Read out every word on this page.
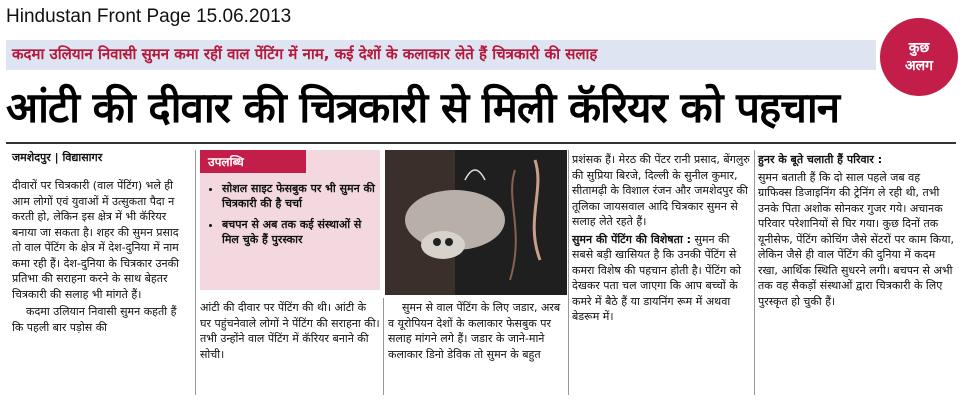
Hindustan Front Page 15.06.2013
कदमा उलियान निवासी सुमन कमा रहीं वाल पेंटिंग में नाम, कई देशों के कलाकार लेते हैं चित्रकारी की सलाह	कुछ
अलग
आंटी की दीवार की चित्रकारी से मिली कॅरियर को पहचान
जमशेदपुर | विद्यासागर

दीवारों पर चित्रकारी (वाल पेंटिंग) भले ही आम लोगों एवं युवाओं में उत्सुकता पैदा न करती हो, लेकिन इस क्षेत्र में भी कॅरियर बनाया जा सकता है। शहर की सुमन प्रसाद तो वाल पेंटिंग के क्षेत्र में देश-दुनिया में नाम कमा रही हैं। देश-दुनिया के चित्रकार उनकी प्रतिभा की सराहना करने के साथ बेहतर चित्रकारी की सलाह भी मांगते हैं।

कदमा उलियान निवासी सुमन कहती हैं कि पहली बार पड़ोस की

उपलब्धि
• सोशल साइट फेसबुक पर भी सुमन की चित्रकारी की है चर्चा
• बचपन से अब तक कई संस्थाओं से मिल चुके हैं पुरस्कार
आंटी की दीवार पर पेंटिंग की थी। आंटी के घर पहुंचनेवाले लोगों ने पेंटिंग की सराहना की। तभी उन्होंने वाल पेंटिंग में कॅरियर बनाने की सोची।
सुमन से वाल पेंटिंग के लिए जडार, अरब व यूरोपियन देशों के कलाकार फेसबुक पर सलाह मांगने लगे हैं। जडार के जाने-माने कलाकार डिनो डेविक तो सुमन के बहुत

प्रशंसक हैं। मेरठ की पेंटर रानी प्रसाद, बेंगलुरु की सुप्रिया बिरजे, दिल्ली के सुनील कुमार, सीतामढ़ी के विशाल रंजन और जमशेदपुर की तूलिका जायसवाल आदि चित्रकार सुमन से सलाह लेते रहते हैं।

सुमन की पेंटिंग की विशेषता : सुमन की सबसे बड़ी खासियत है कि उनकी पेंटिंग से कमरा विशेष की पहचान होती है। पेंटिंग को देखकर पता चल जाएगा कि आप बच्चों के कमरे में बैठे हैं या डायनिंग रूम में अथवा बेडरूम में।

हुनर के बूते चलाती हैं परिवार :

सुमन बताती हैं कि दो साल पहले जब वह ग्राफिक्स डिजाइनिंग की ट्रेनिंग ले रही थी, तभी उनके पिता अशोक सोनकर गुजर गये। अचानक परिवार परेशानियों से घिर गया। कुछ दिनों तक यूनीसेफ, पेंटिंग कोचिंग जैसे सेंटरों पर काम किया, लेकिन जैसे ही वाल पेंटिंग की दुनिया में कदम रखा, आर्थिक स्थिति सुधरने लगी। बचपन से अभी तक वह सैकड़ों संस्थाओं द्वारा चित्रकारी के लिए पुरस्कृत हो चुकी हैं।
